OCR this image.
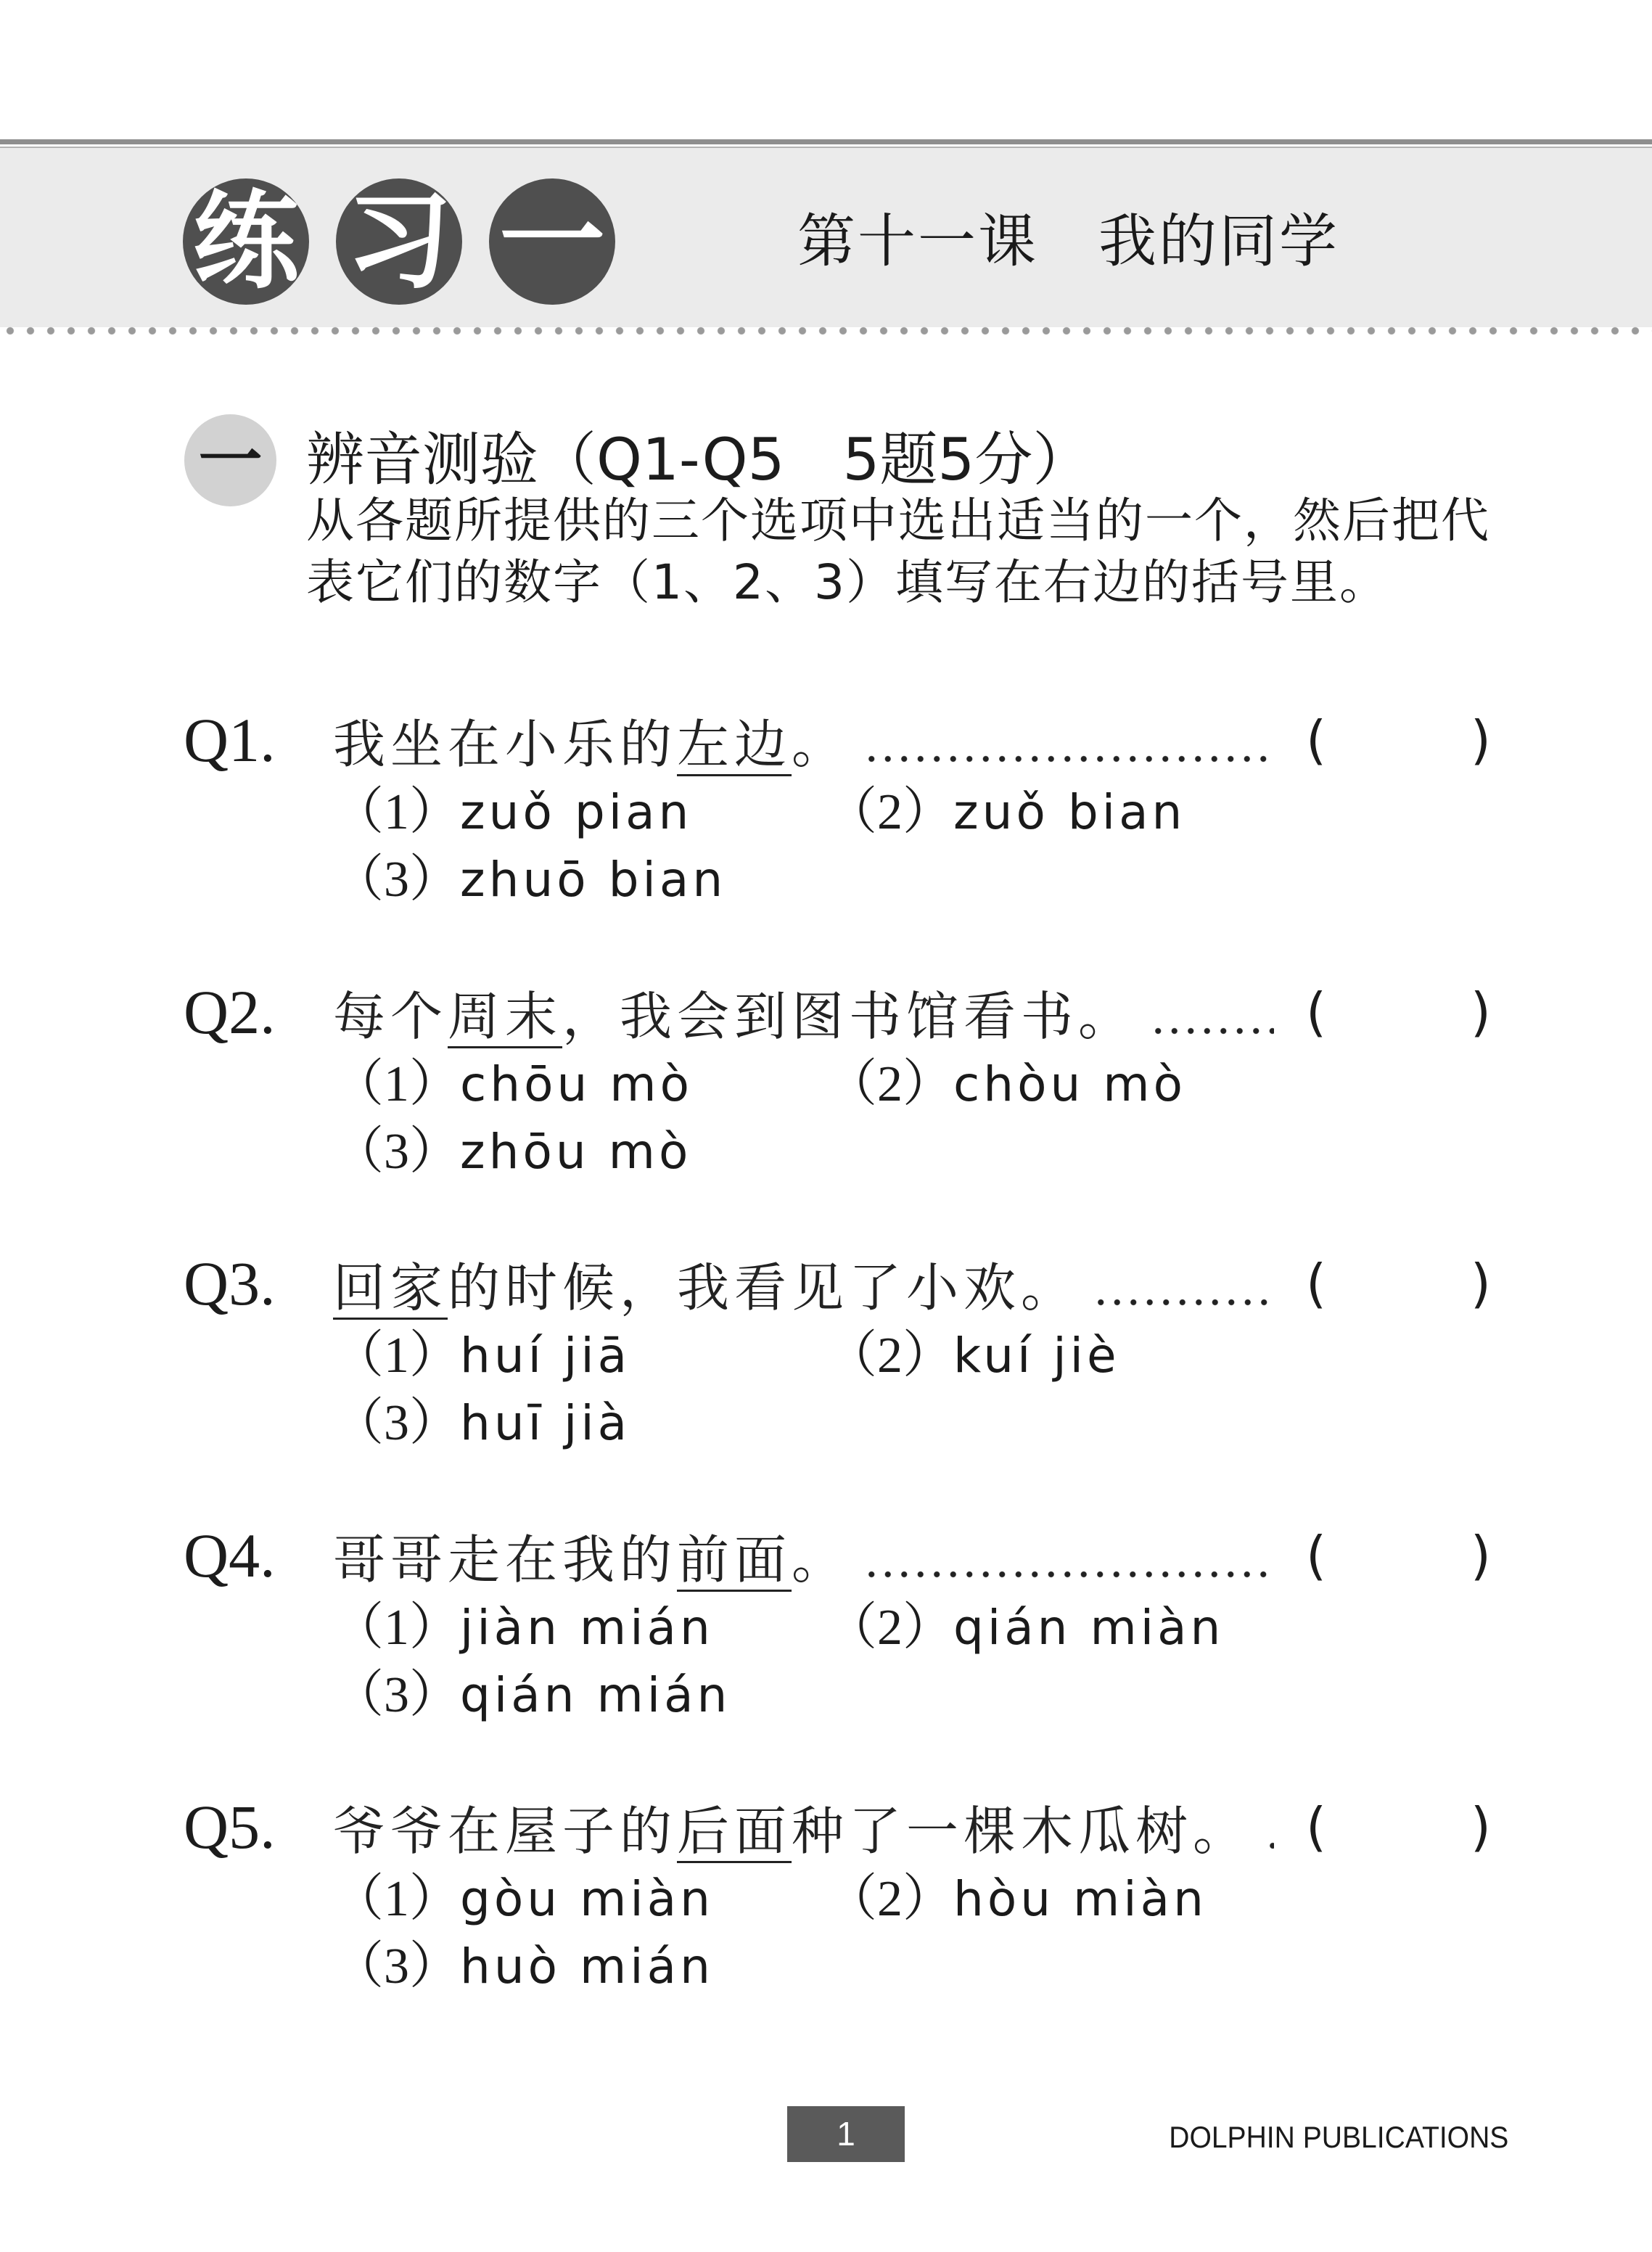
练 习 一	第十一课　我的同学
一 辨音测验（Q1-Q5　5题5分）
从各题所提供的三个选项中选出适当的一个，然后把代
表它们的数字（1、2、3）填写在右边的括号里。
Q1.	我坐在小乐的左边。	(	)
（1） zuǒ pian	（2） zuǒ bian
（3） zhuō bian
Q2.	每个周末，我会到图书馆看书。	(	)
（1） chōu mò	（2） chòu mò
（3） zhōu mò
Q3.	回家的时候，我看见了小欢。	(	)
（1） huí jiā	（2） kuí jiè
（3） huī jià
Q4.	哥哥走在我的前面。	(	)
（1） jiàn mián （2） qián miàn
（3） qián mián
Q5.	爷爷在屋子的后面种了一棵木瓜树。 (	)
（1） gòu miàn （2） hòu miàn
（3） huò mián
1	DOLPHIN PUBLICATIONS
